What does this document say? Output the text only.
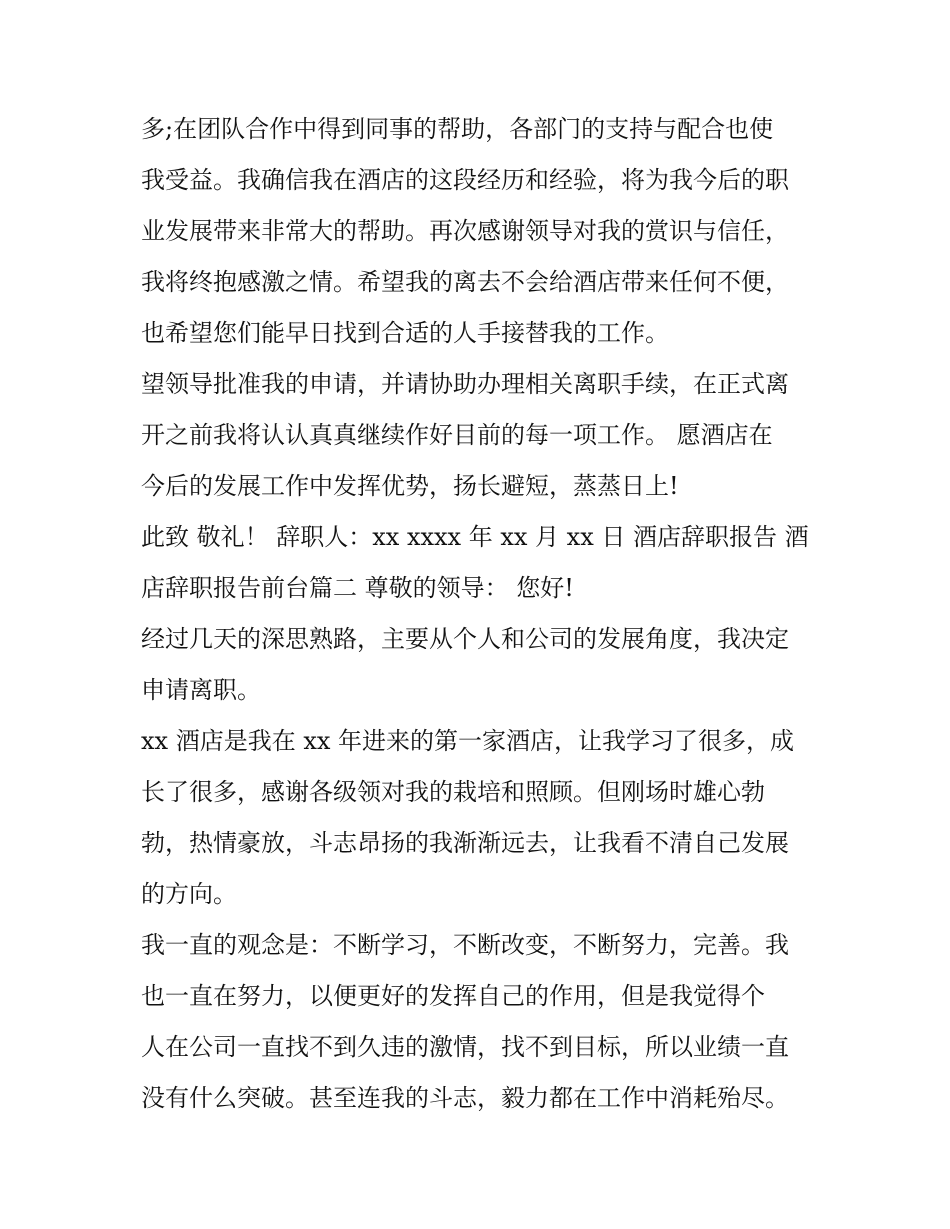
多;在团队合作中得到同事的帮助，各部门的支持与配合也使
我受益。我确信我在酒店的这段经历和经验，将为我今后的职
业发展带来非常大的帮助。再次感谢领导对我的赏识与信任，
我将终抱感激之情。希望我的离去不会给酒店带来任何不便，
也希望您们能早日找到合适的人手接替我的工作。
望领导批准我的申请，并请协助办理相关离职手续，在正式离
开之前我将认认真真继续作好目前的每一项工作。 愿酒店在
今后的发展工作中发挥优势，扬长避短，蒸蒸日上!
此致 敬礼！ 辞职人：xx xxxx 年 xx 月 xx 日 酒店辞职报告 酒
店辞职报告前台篇二 尊敬的领导： 您好!
经过几天的深思熟路，主要从个人和公司的发展角度，我决定
申请离职。
xx 酒店是我在 xx 年进来的第一家酒店，让我学习了很多，成
长了很多，感谢各级领对我的栽培和照顾。但刚场时雄心勃
勃，热情豪放，斗志昂扬的我渐渐远去，让我看不清自己发展
的方向。
我一直的观念是：不断学习，不断改变，不断努力，完善。我
也一直在努力，以便更好的发挥自己的作用，但是我觉得个
人在公司一直找不到久违的激情，找不到目标，所以业绩一直
没有什么突破。甚至连我的斗志，毅力都在工作中消耗殆尽。
